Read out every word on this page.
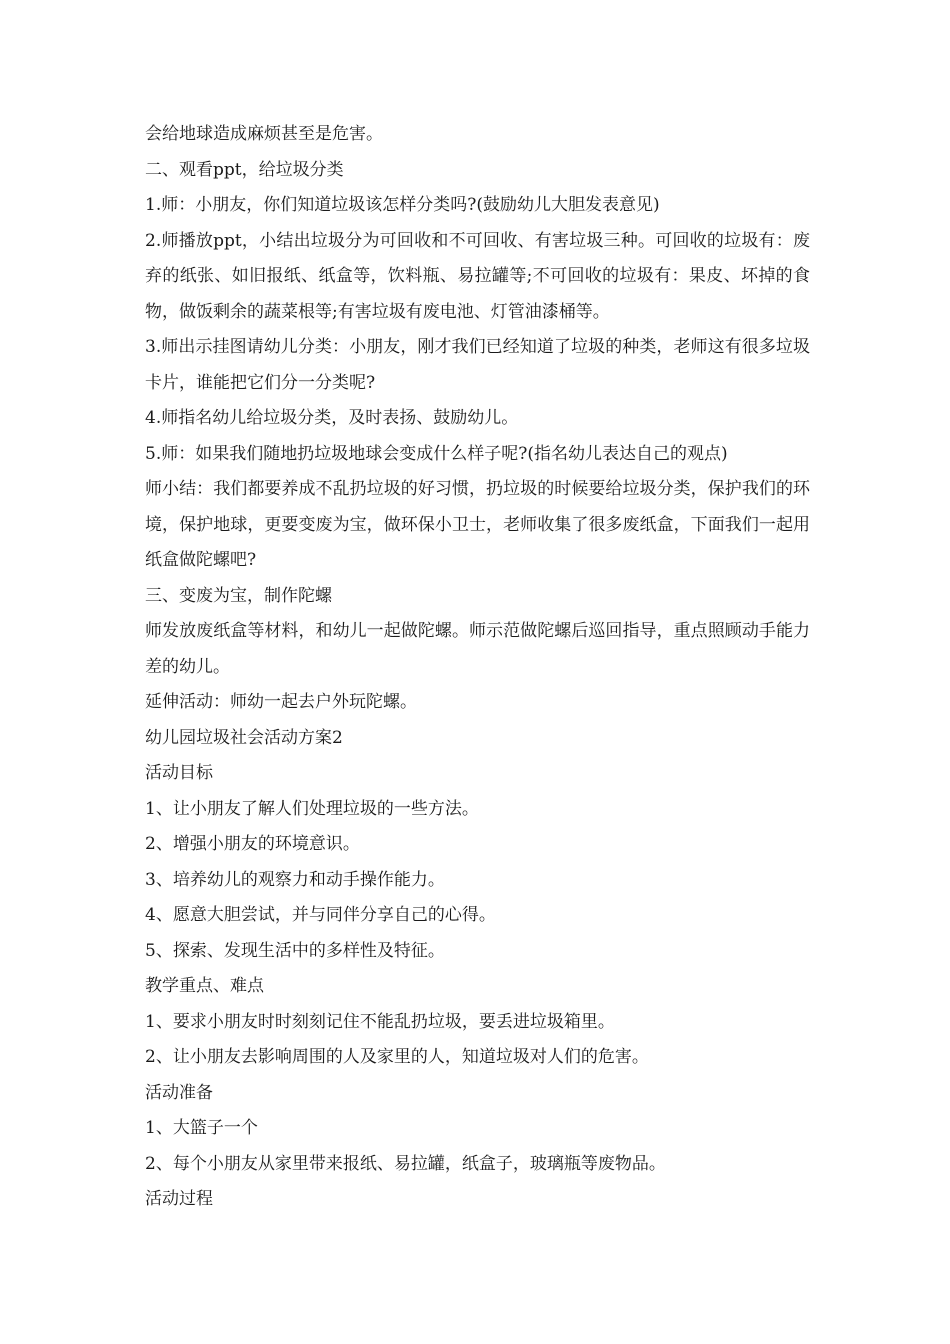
会给地球造成麻烦甚至是危害。
二、观看ppt，给垃圾分类
1.师：小朋友，你们知道垃圾该怎样分类吗?(鼓励幼儿大胆发表意见)
2.师播放ppt，小结出垃圾分为可回收和不可回收、有害垃圾三种。可回收的垃圾有：废弃的纸张、如旧报纸、纸盒等，饮料瓶、易拉罐等;不可回收的垃圾有：果皮、坏掉的食物，做饭剩余的蔬菜根等;有害垃圾有废电池、灯管油漆桶等。
3.师出示挂图请幼儿分类：小朋友，刚才我们已经知道了垃圾的种类，老师这有很多垃圾卡片，谁能把它们分一分类呢?
4.师指名幼儿给垃圾分类，及时表扬、鼓励幼儿。
5.师：如果我们随地扔垃圾地球会变成什么样子呢?(指名幼儿表达自己的观点)
师小结：我们都要养成不乱扔垃圾的好习惯，扔垃圾的时候要给垃圾分类，保护我们的环境，保护地球，更要变废为宝，做环保小卫士，老师收集了很多废纸盒，下面我们一起用纸盒做陀螺吧?
三、变废为宝，制作陀螺
师发放废纸盒等材料，和幼儿一起做陀螺。师示范做陀螺后巡回指导，重点照顾动手能力差的幼儿。
延伸活动：师幼一起去户外玩陀螺。
幼儿园垃圾社会活动方案2
活动目标
1、让小朋友了解人们处理垃圾的一些方法。
2、增强小朋友的环境意识。
3、培养幼儿的观察力和动手操作能力。
4、愿意大胆尝试，并与同伴分享自己的心得。
5、探索、发现生活中的多样性及特征。
教学重点、难点
1、要求小朋友时时刻刻记住不能乱扔垃圾，要丢进垃圾箱里。
2、让小朋友去影响周围的人及家里的人，知道垃圾对人们的危害。
活动准备
1、大篮子一个
2、每个小朋友从家里带来报纸、易拉罐，纸盒子，玻璃瓶等废物品。
活动过程
